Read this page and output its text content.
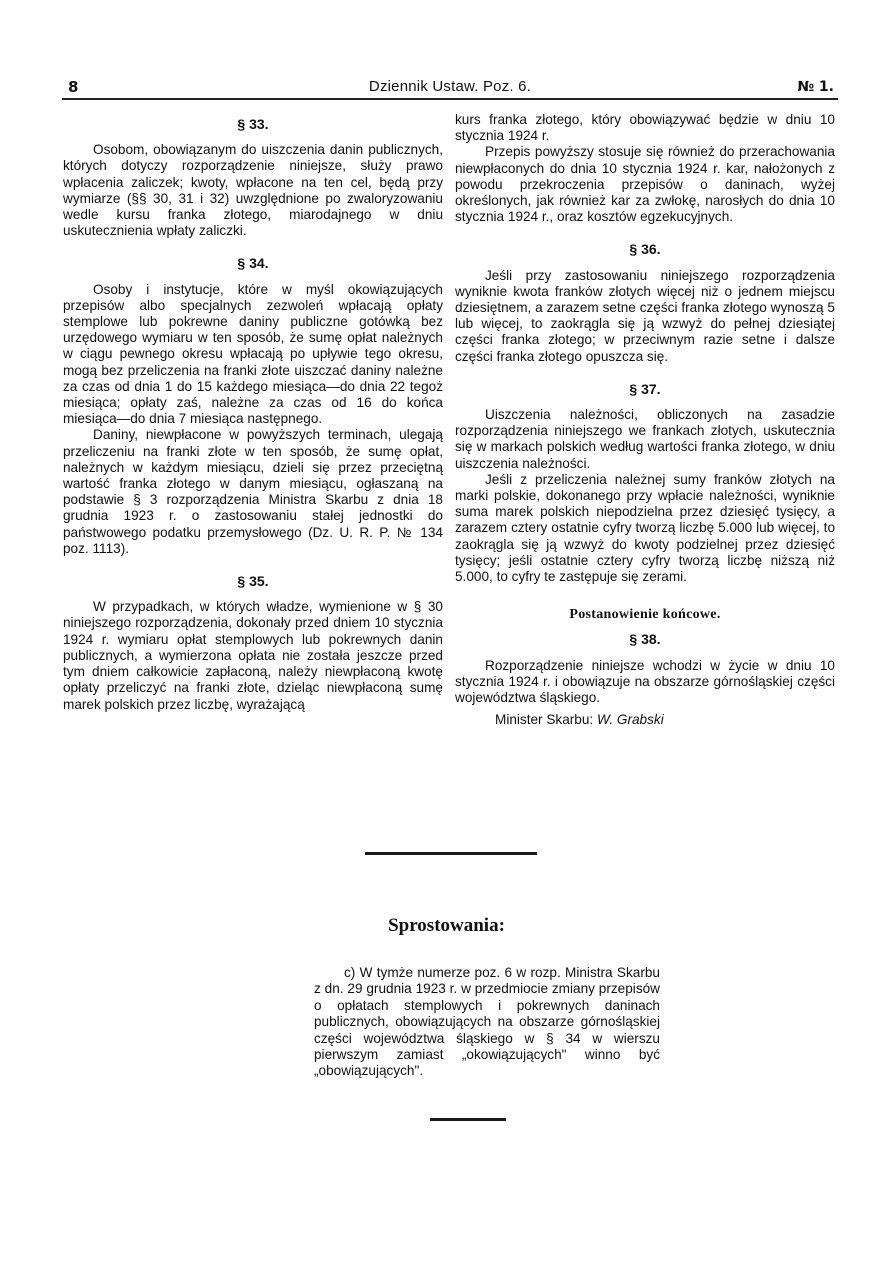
8	Dziennik Ustaw. Poz. 6.	№ 1.
§ 33.

Osobom, obowiązanym do uiszczenia danin publicznych, których dotyczy rozporządzenie niniejsze, służy prawo wpłacenia zaliczek; kwoty, wpłacone na ten cel, będą przy wymiarze (§§ 30, 31 i 32) uwzględnione po zwaloryzowaniu wedle kursu franka złotego, miarodajnego w dniu uskutecznienia wpłaty zaliczki.

§ 34.

Osoby i instytucje, które w myśl okowiązujących przepisów albo specjalnych zezwoleń wpłacają opłaty stemplowe lub pokrewne daniny publiczne gotówką bez urzędowego wymiaru w ten sposób, że sumę opłat należnych w ciągu pewnego okresu wpłacają po upływie tego okresu, mogą bez przeliczenia na franki złote uiszczać daniny należne za czas od dnia 1 do 15 każdego miesiąca—do dnia 22 tegoż miesiąca; opłaty zaś, należne za czas od 16 do końca miesiąca—do dnia 7 miesiąca następnego.

Daniny, niewpłacone w powyższych terminach, ulegają przeliczeniu na franki złote w ten sposób, że sumę opłat, należnych w każdym miesiącu, dzieli się przez przeciętną wartość franka złotego w danym miesiącu, ogłaszaną na podstawie § 3 rozporządzenia Ministra Skarbu z dnia 18 grudnia 1923 r. o zastosowaniu stałej jednostki do państwowego podatku przemysłowego (Dz. U. R. P. № 134 poz. 1113).

§ 35.

W przypadkach, w których władze, wymienione w § 30 niniejszego rozporządzenia, dokonały przed dniem 10 stycznia 1924 r. wymiaru opłat stemplowych lub pokrewnych danin publicznych, a wymierzona opłata nie została jeszcze przed tym dniem całkowicie zapłaconą, należy niewpłaconą kwotę opłaty przeliczyć na franki złote, dzieląc niewpłaconą sumę marek polskich przez liczbę, wyrażającą

kurs franka złotego, który obowiązywać będzie w dniu 10 stycznia 1924 r.

Przepis powyższy stosuje się również do przerachowania niewpłaconych do dnia 10 stycznia 1924 r. kar, nałożonych z powodu przekroczenia przepisów o daninach, wyżej określonych, jak również kar za zwłokę, narosłych do dnia 10 stycznia 1924 r., oraz kosztów egzekucyjnych.

§ 36.

Jeśli przy zastosowaniu niniejszego rozporządzenia wyniknie kwota franków złotych więcej niż o jednem miejscu dziesiętnem, a zarazem setne części franka złotego wynoszą 5 lub więcej, to zaokrągla się ją wzwyż do pełnej dziesiątej części franka złotego; w przeciwnym razie setne i dalsze części franka złotego opuszcza się.

§ 37.

Uiszczenia należności, obliczonych na zasadzie rozporządzenia niniejszego we frankach złotych, uskutecznia się w markach polskich według wartości franka złotego, w dniu uiszczenia należności.

Jeśli z przeliczenia należnej sumy franków złotych na marki polskie, dokonanego przy wpłacie należności, wyniknie suma marek polskich niepodzielna przez dziesięć tysięcy, a zarazem cztery ostatnie cyfry tworzą liczbę 5.000 lub więcej, to zaokrągla się ją wzwyż do kwoty podzielnej przez dziesięć tysięcy; jeśli ostatnie cztery cyfry tworzą liczbę niższą niż 5.000, to cyfry te zastępuje się zerami.

Postanowienie końcowe.
§ 38.

Rozporządzenie niniejsze wchodzi w życie w dniu 10 stycznia 1924 r. i obowiązuje na obszarze górnośląskiej części województwa śląskiego.

Minister Skarbu: W. Grabski

Sprostowania:

c) W tymże numerze poz. 6 w rozp. Ministra Skarbu z dn. 29 grudnia 1923 r. w przedmiocie zmiany przepisów o opłatach stemplowych i pokrewnych daninach publicznych, obowiązujących na obszarze górnośląskiej części województwa śląskiego w § 34 w wierszu pierwszym zamiast „okowiązujących" winno być „obowiązujących".
